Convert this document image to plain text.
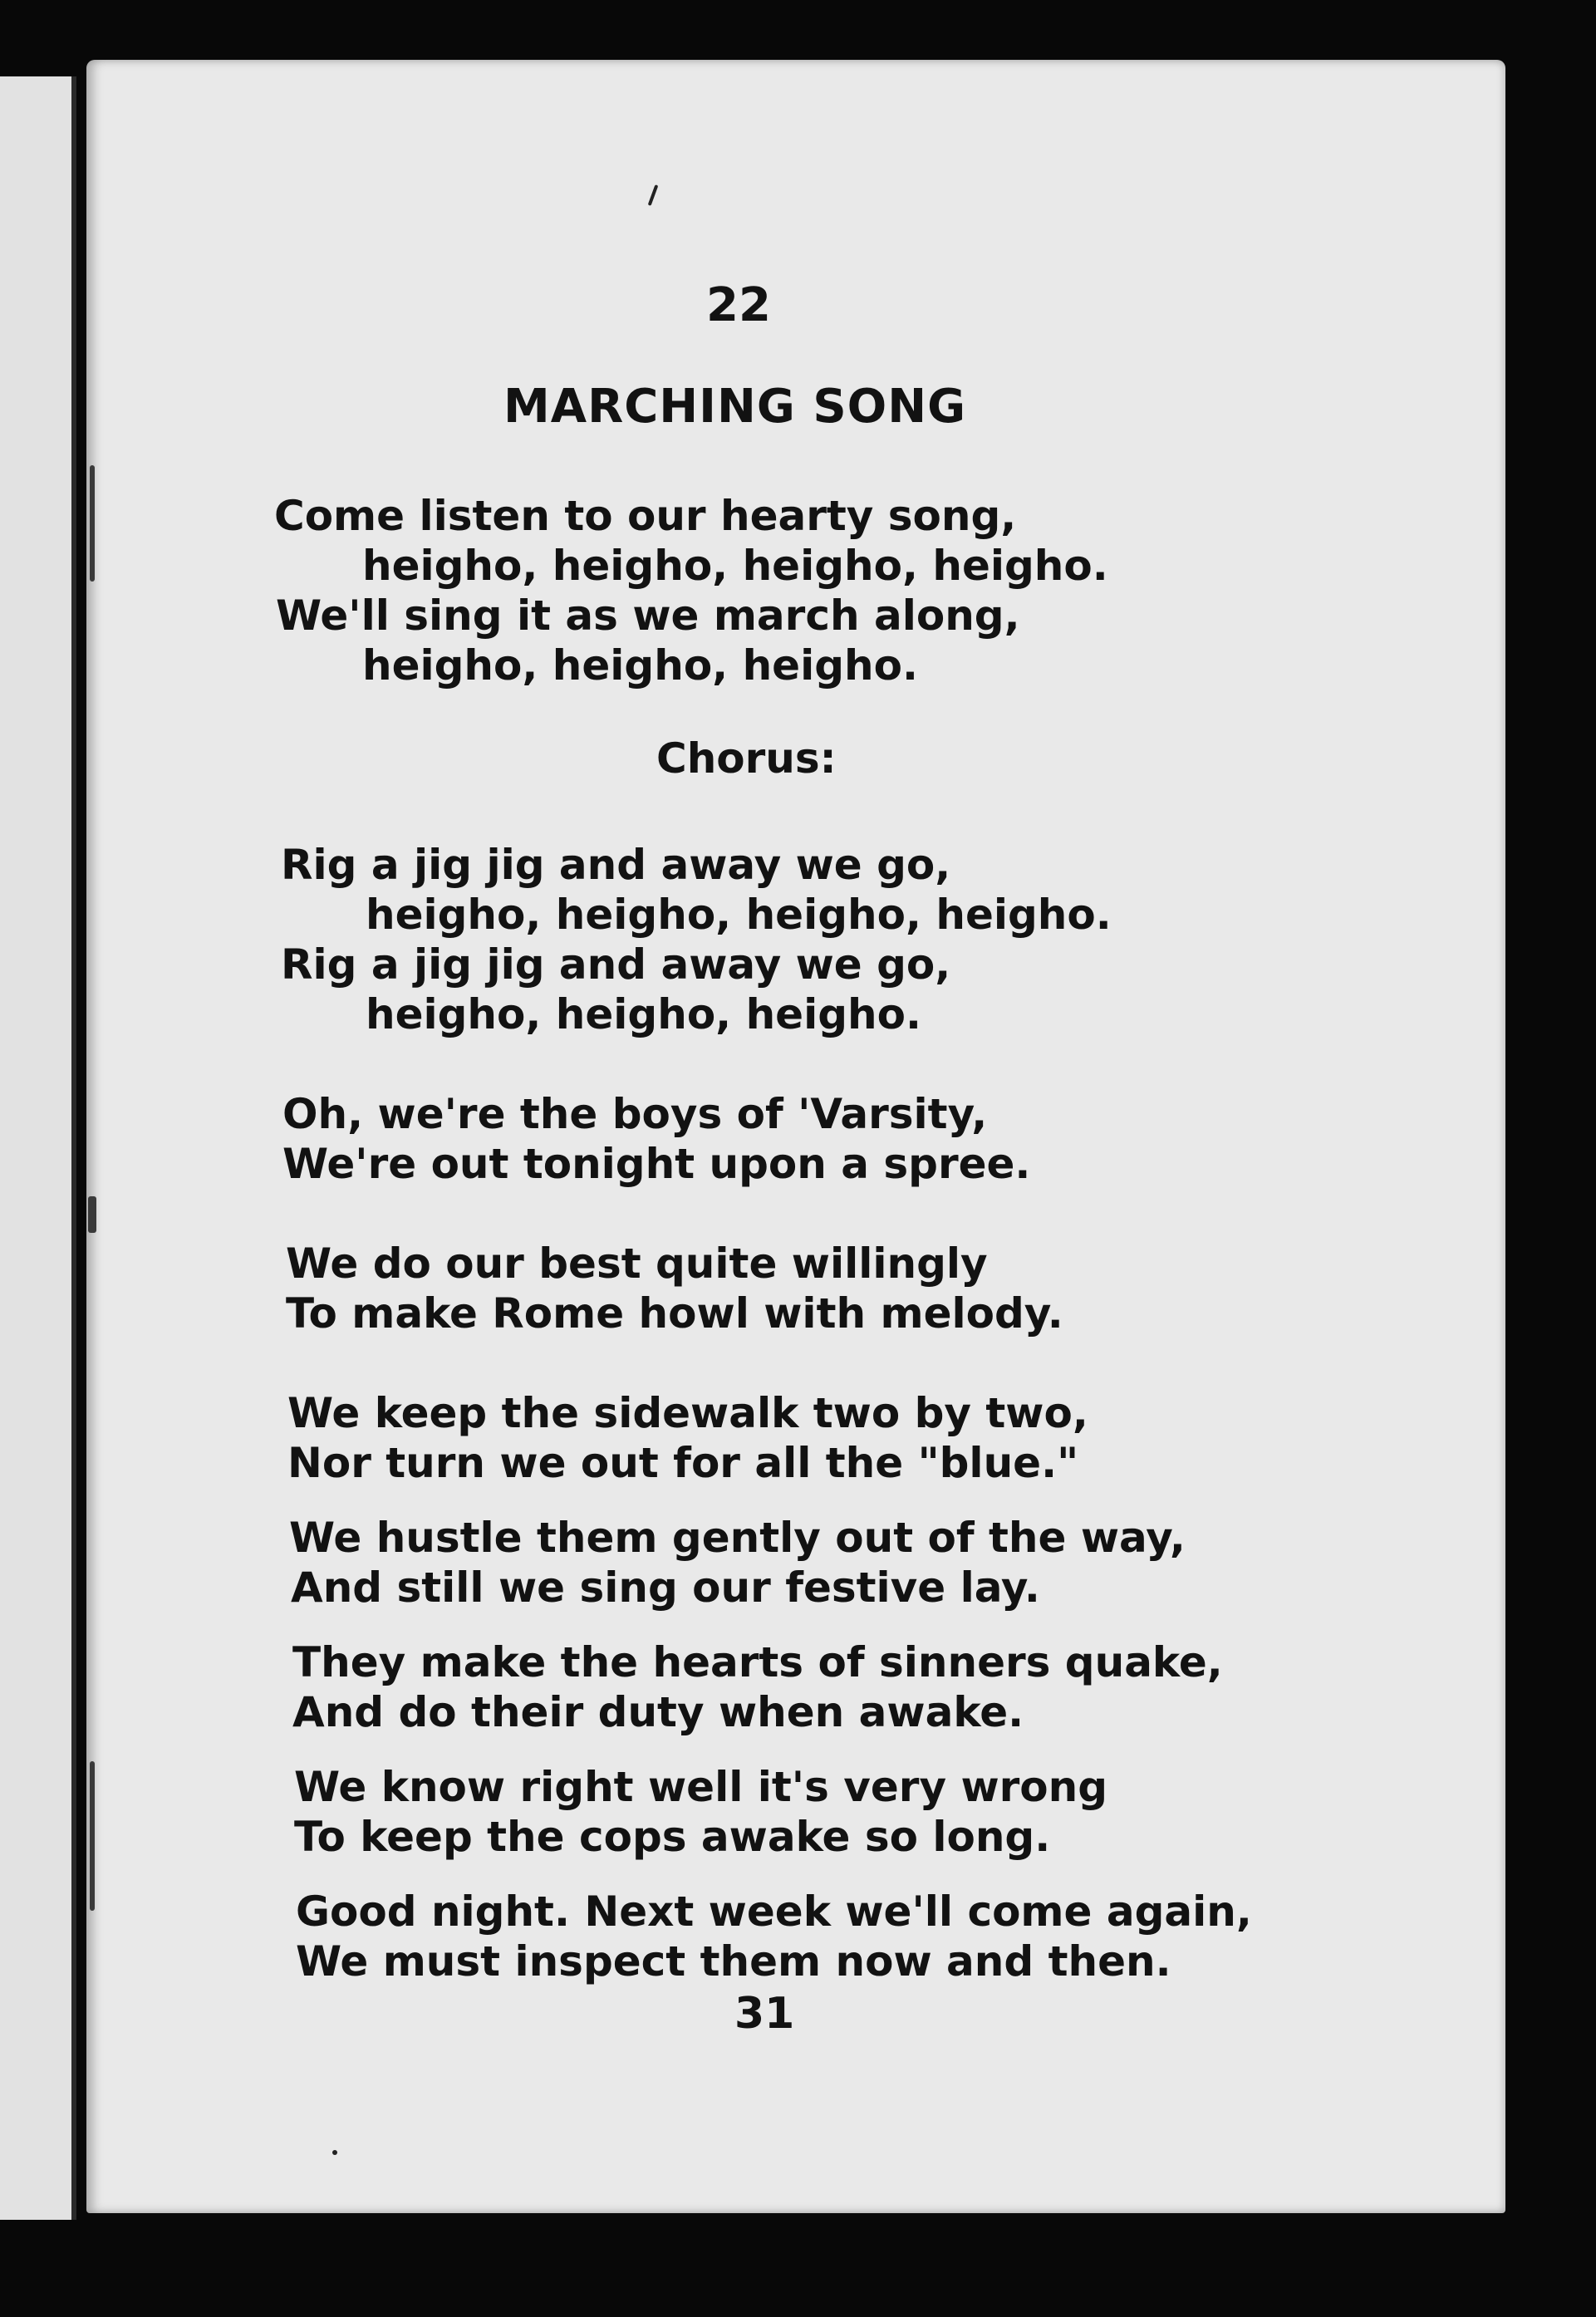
22
MARCHING SONG
Come listen to our hearty song,
heigho, heigho, heigho, heigho.
We'll sing it as we march along,
heigho, heigho, heigho.
Chorus:
Rig a jig jig and away we go,
heigho, heigho, heigho, heigho.
Rig a jig jig and away we go,
heigho, heigho, heigho.
Oh, we're the boys of 'Varsity,
We're out tonight upon a spree.
We do our best quite willingly
To make Rome howl with melody.
We keep the sidewalk two by two,
Nor turn we out for all the "blue."
We hustle them gently out of the way,
And still we sing our festive lay.
They make the hearts of sinners quake,
And do their duty when awake.
We know right well it's very wrong
To keep the cops awake so long.
Good night. Next week we'll come again,
We must inspect them now and then.
31
